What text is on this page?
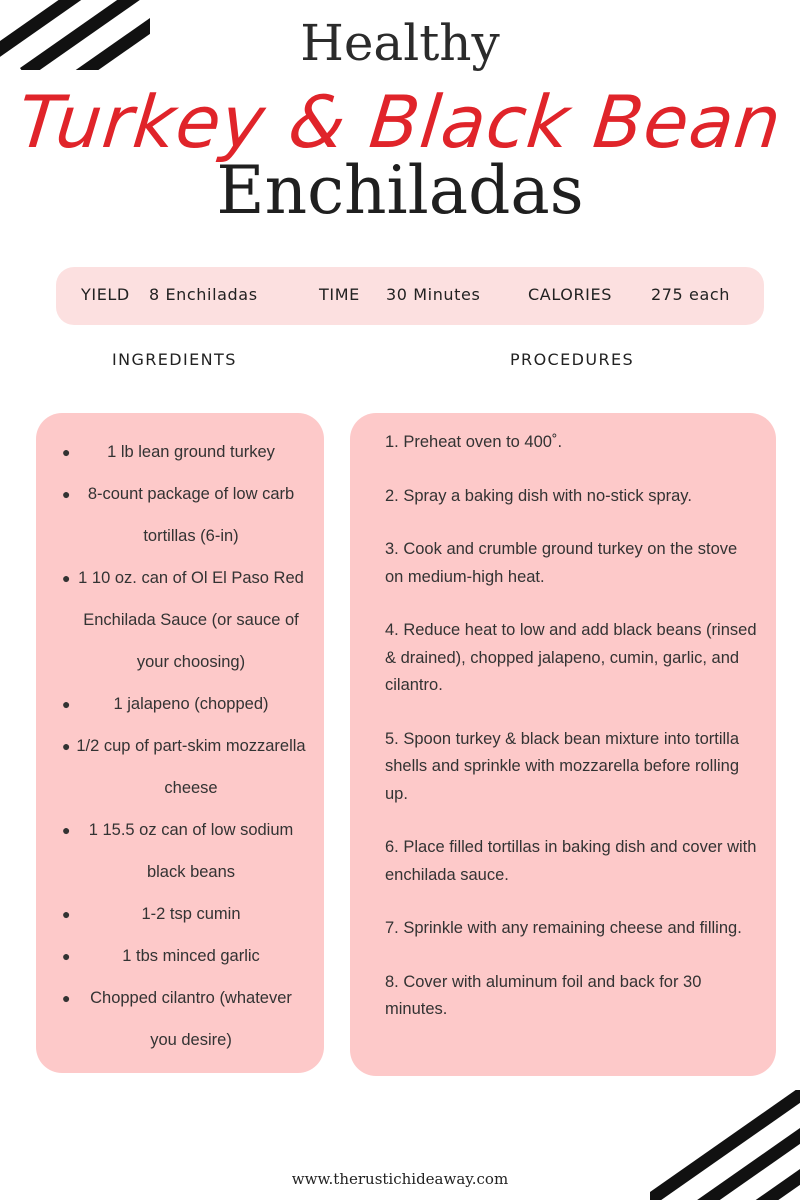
Healthy
Turkey & Black Bean
Enchiladas
YIELD 8 Enchiladas	TIME 30 Minutes	CALORIES 275 each
INGREDIENTS	PROCEDURES
● 1 lb lean ground turkey
● 8-count package of low carb tortillas (6-in)
● 1 10 oz. can of Ol El Paso Red Enchilada Sauce (or sauce of your choosing)
●	1 jalapeno (chopped)
● 1/2 cup of part-skim mozzarella cheese
● 1 15.5 oz can of low sodium black beans
●	1-2 tsp cumin
●	1 tbs minced garlic
● Chopped cilantro (whatever you desire)
1. Preheat oven to 400˚.
2. Spray a baking dish with no-stick spray.
3. Cook and crumble ground turkey on the stove on medium-high heat.
4. Reduce heat to low and add black beans (rinsed & drained), chopped jalapeno, cumin, garlic, and cilantro.
5. Spoon turkey & black bean mixture into tortilla shells and sprinkle with mozzarella before rolling up.
6. Place filled tortillas in baking dish and cover with enchilada sauce.
7. Sprinkle with any remaining cheese and filling.
8. Cover with aluminum foil and back for 30 minutes.
www.therustichideaway.com
